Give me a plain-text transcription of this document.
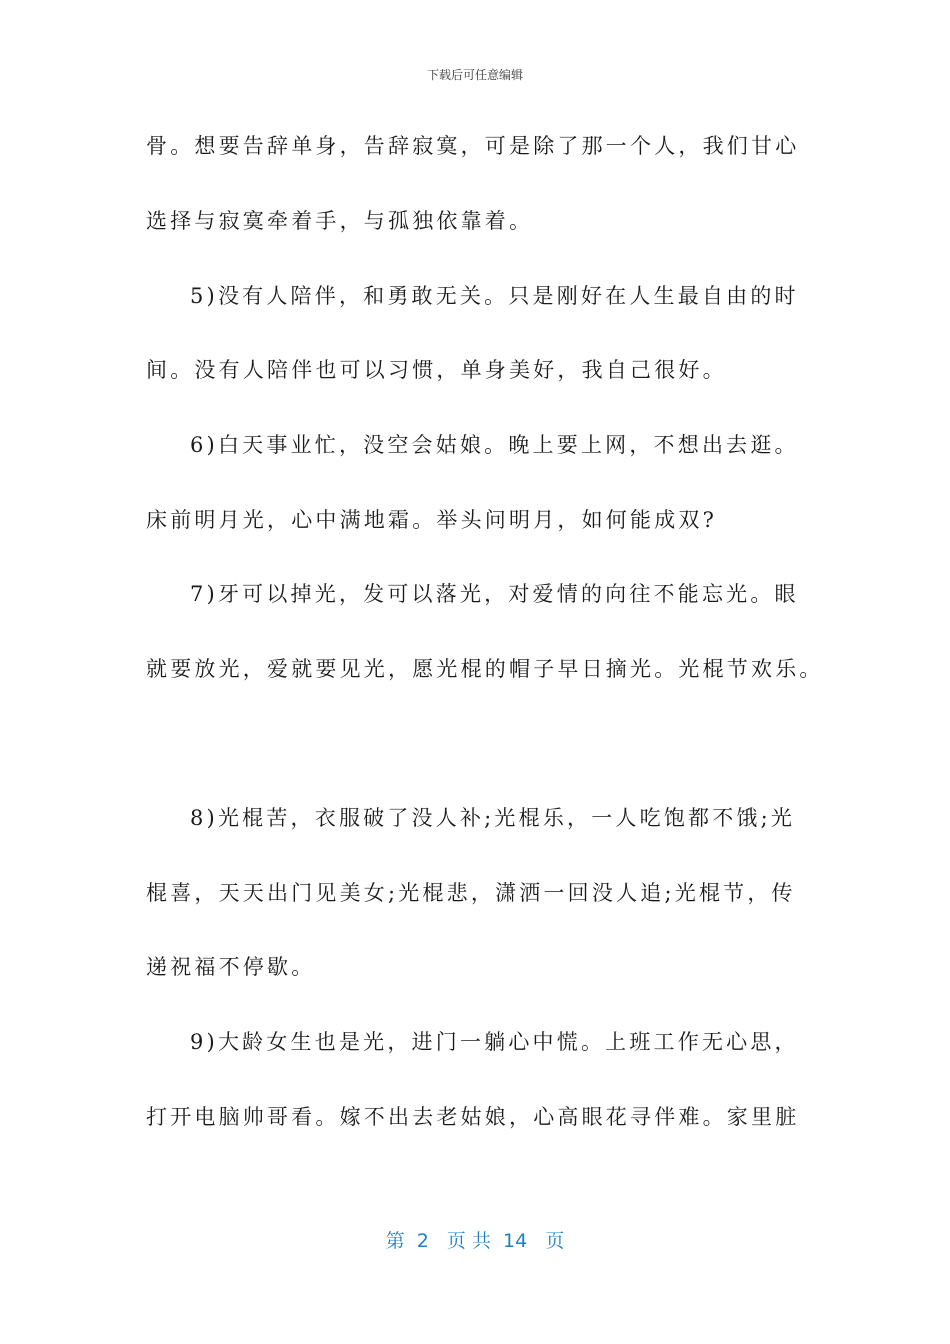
下载后可任意编辑
骨。想要告辞单身，告辞寂寞，可是除了那一个人，我们甘心
选择与寂寞牵着手，与孤独依靠着。
5)没有人陪伴，和勇敢无关。只是刚好在人生最自由的时
间。没有人陪伴也可以习惯，单身美好，我自己很好。
6)白天事业忙，没空会姑娘。晚上要上网，不想出去逛。
床前明月光，心中满地霜。举头问明月，如何能成双?
7)牙可以掉光，发可以落光，对爱情的向往不能忘光。眼
就要放光，爱就要见光，愿光棍的帽子早日摘光。光棍节欢乐。
8)光棍苦，衣服破了没人补;光棍乐，一人吃饱都不饿;光
棍喜，天天出门见美女;光棍悲，潇洒一回没人追;光棍节，传
递祝福不停歇。
9)大龄女生也是光，进门一躺心中慌。上班工作无心思，
打开电脑帅哥看。嫁不出去老姑娘，心高眼花寻伴难。家里脏
第  2   页 共  14   页
